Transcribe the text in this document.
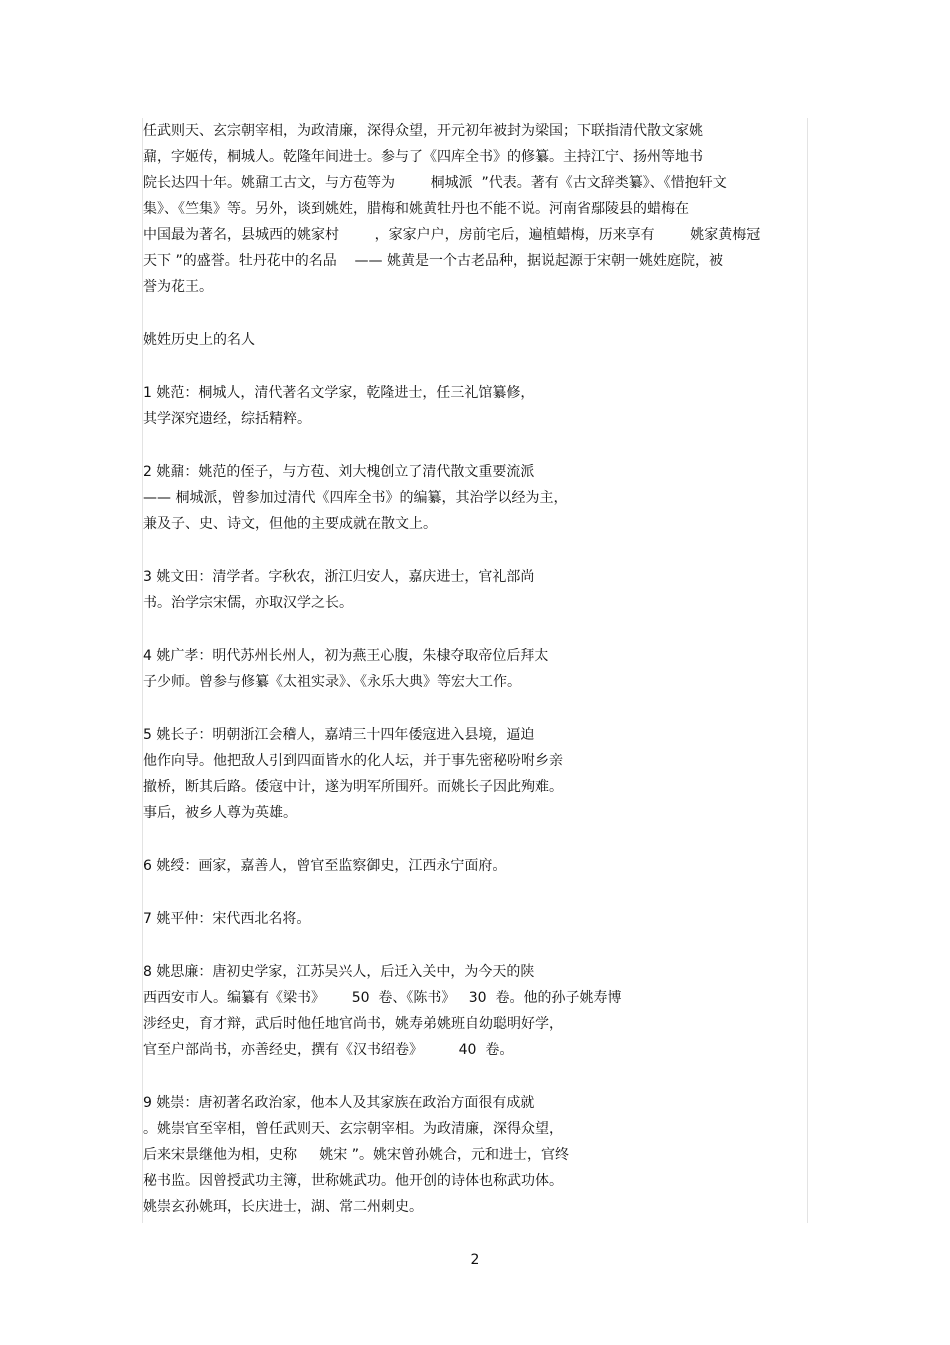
任武则天、玄宗朝宰相，为政清廉，深得众望，开元初年被封为梁国；下联指清代散文家姚
鼐，字姬传，桐城人。乾隆年间进士。参与了《四库全书》的修纂。主持江宁、扬州等地书
院长达四十年。姚鼐工古文，与方苞等为        桐城派  ”代表。著有《古文辞类纂》、《惜抱轩文
集》、《竺集》等。另外，谈到姚姓，腊梅和姚黄牡丹也不能不说。河南省鄢陵县的蜡梅在
中国最为著名，县城西的姚家村        ，家家户户，房前宅后，遍植蜡梅，历来享有        姚家黄梅冠
天下 ”的盛誉。牡丹花中的名品    —— 姚黄是一个古老品种，据说起源于宋朝一姚姓庭院，被
誉为花王。
姚姓历史上的名人
1 姚范：桐城人，清代著名文学家，乾隆进士，任三礼馆纂修，
其学深究遗经，综括精粹。
2 姚鼐：姚范的侄子，与方苞、刘大槐创立了清代散文重要流派
—— 桐城派，曾参加过清代《四库全书》的编纂，其治学以经为主，
兼及子、史、诗文，但他的主要成就在散文上。
3 姚文田：清学者。字秋农，浙江归安人，嘉庆进士，官礼部尚
书。治学宗宋儒，亦取汉学之长。
4 姚广孝：明代苏州长州人，初为燕王心腹，朱棣夺取帝位后拜太
子少师。曾参与修纂《太祖实录》、《永乐大典》等宏大工作。
5 姚长子：明朝浙江会稽人，嘉靖三十四年倭寇进入县境，逼迫
他作向导。他把敌人引到四面皆水的化人坛，并于事先密秘吩咐乡亲
撤桥，断其后路。倭寇中计，遂为明军所围歼。而姚长子因此殉难。
事后，被乡人尊为英雄。
6 姚绶：画家，嘉善人，曾官至监察御史，江西永宁面府。
7 姚平仲：宋代西北名将。
8 姚思廉：唐初史学家，江苏吴兴人，后迁入关中，为今天的陕
西西安市人。编纂有《梁书》      50  卷、《陈书》   30  卷。他的孙子姚寿博
涉经史，育才辩，武后时他任地官尚书，姚寿弟姚班自幼聪明好学，
官至户部尚书，亦善经史，撰有《汉书绍卷》        40  卷。
9 姚崇：唐初著名政治家，他本人及其家族在政治方面很有成就
。姚崇官至宰相，曾任武则天、玄宗朝宰相。为政清廉，深得众望，
后来宋景继他为相，史称     姚宋 ”。姚宋曾孙姚合，元和进士，官终
秘书监。因曾授武功主簿，世称姚武功。他开创的诗体也称武功体。
姚崇玄孙姚珥，长庆进士，湖、常二州刺史。
2
